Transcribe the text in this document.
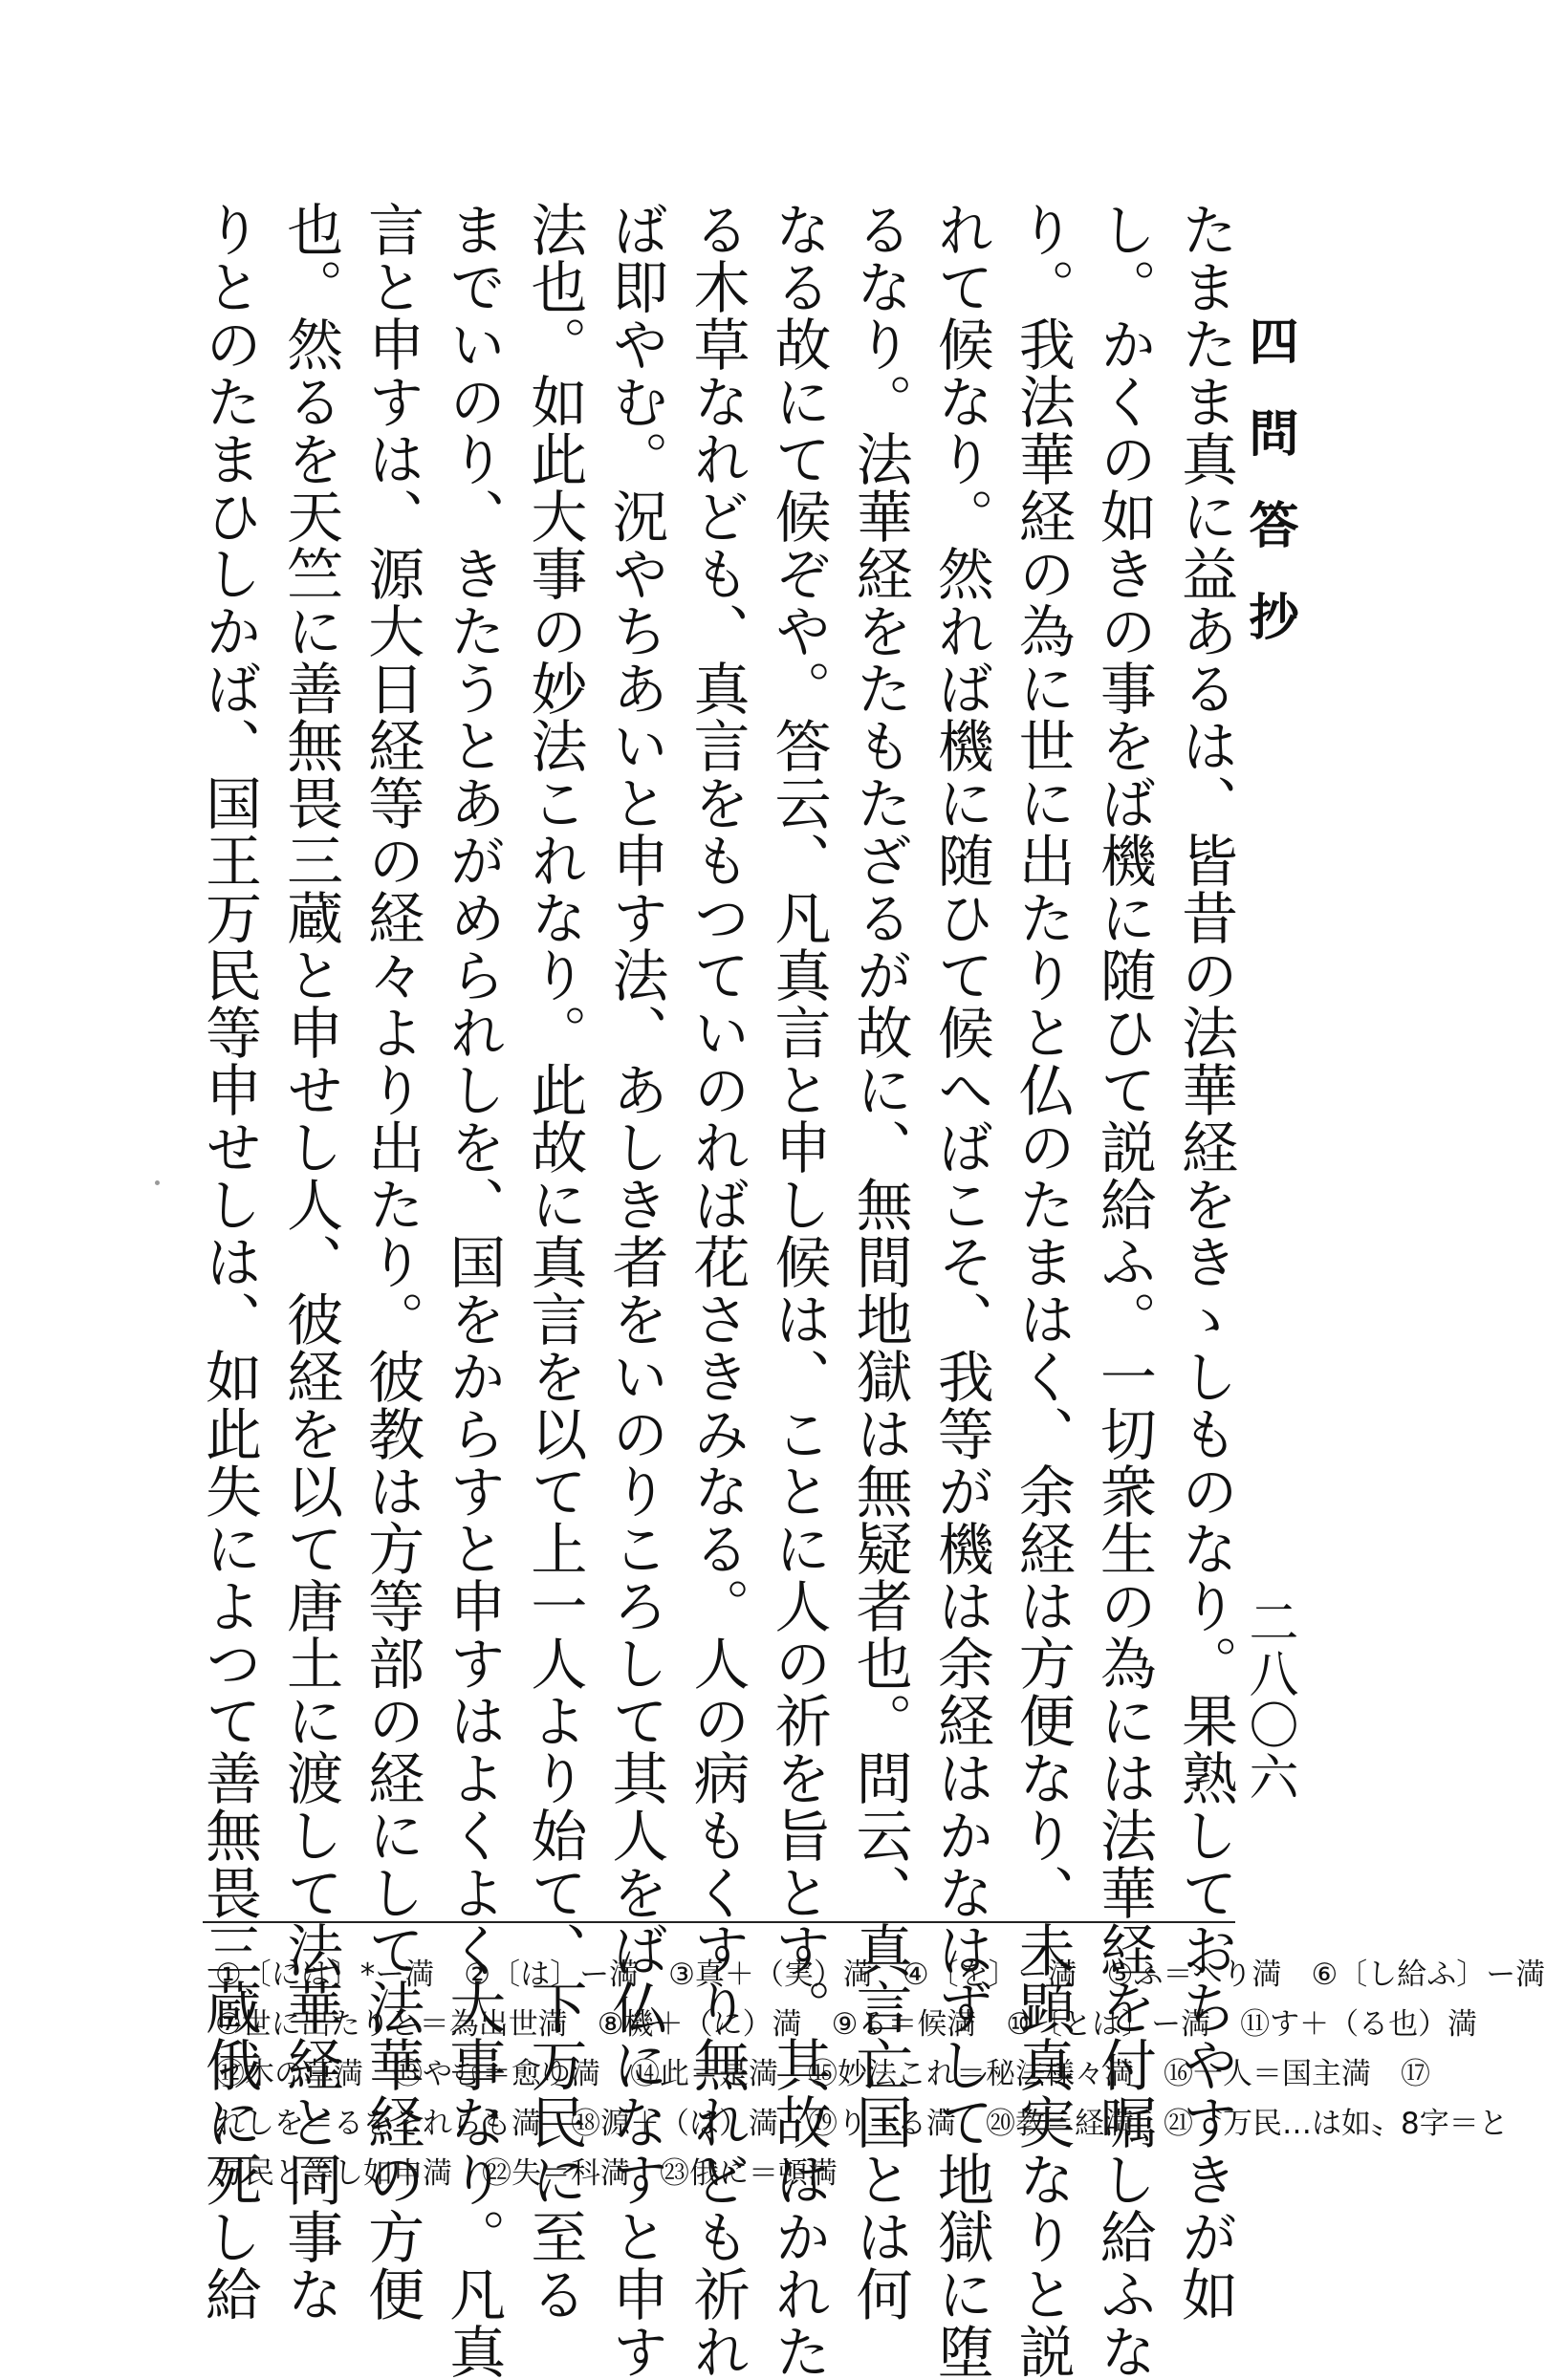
四問答抄
二八〇六
たまたま真に益あるは、皆昔の法華経をきゝしものなり。果熟しておちやすきが如
し。かくの如きの事をば機に随ひて説給ふ。一切衆生の為には法華経を付嘱し給ふな
り。我法華経の為に世に出たりと仏のたまはく、余経は方便なり、未顕真実なりと説
れて候なり。然れば機に随ひて候へばこそ、我等が機は余経はかなはずして地獄に堕
るなり。法華経をたもたざるが故に、無間地獄は無疑者也。問云、真言亡国とは何
なる故にて候ぞや。答云、凡真言と申し候は、ことに人の祈を旨とす。其故はかれた
る木草なれども、真言をもつていのれば花さきみなる。人の病もくすり無れども祈れ
ば即やむ。況やちあいと申す法、あしき者をいのりころして其人をば仏になすと申す
法也。如此大事の妙法これなり。此故に真言を以て上一人より始て、下万民に至る
までいのり、きたうとあがめられしを、国をからすと申すはよくよく大事なり。凡真
言と申すは、源大日経等の経々より出たり。彼教は方等部の経にして法華経の方便
也。然るを天竺に善無畏三蔵と申せし人、彼経を以て唐土に渡して法華経と同事な
りとのたまひしかば、国王万民等申せしは、如此失によつて善無畏三蔵俄に死し給
①〔には〕*ー満　②〔は〕ー満　③真＋（実）満　④〔を〕ー満　⑤ふ＝へり満　⑥〔し給ふ〕ー満
⑦世に出たりと＝為出世満　⑧機＋（に）満　⑨る＝候満　⑩〔とは〕ー満　⑪す＋（る也）満
⑫木の草満　⑬やむ＝愈ゆ満　⑭此＝是満　⑮妙法これ＝秘法様々満　⑯一人＝国主満　⑰
れしを＝るをそれらも満　⑱源＋（は）満　⑲り＝る満　⑳教＝経満　㉑〝万民…は如〟8字＝と
万民と等し如申満　㉒失＝科満　㉓俄に＝頓満
